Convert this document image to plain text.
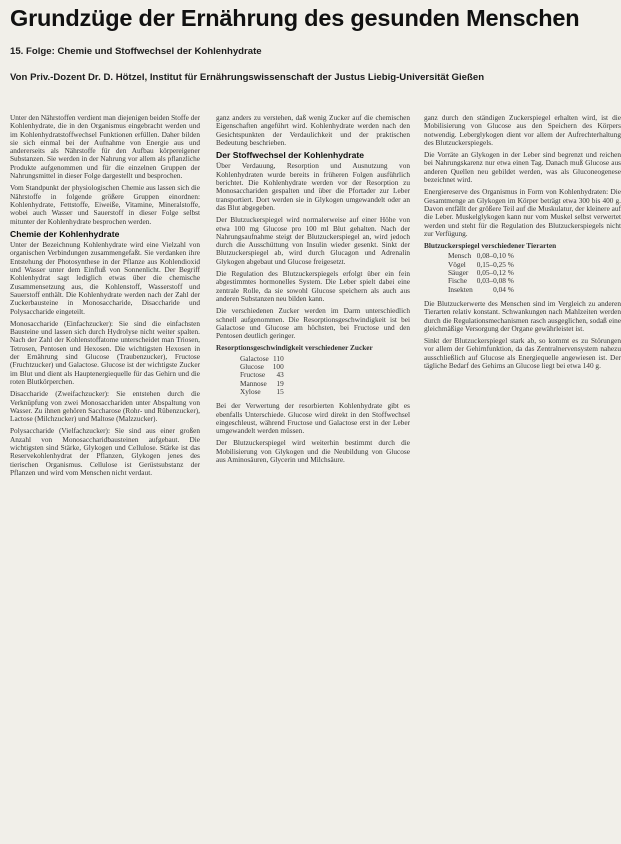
Grundzüge der Ernährung des gesunden Menschen
15. Folge: Chemie und Stoffwechsel der Kohlenhydrate
Von Priv.-Dozent Dr. D. Hötzel, Institut für Ernährungswissenschaft der Justus Liebig-Universität Gießen

Unter den Nährstoffen verdient man diejenigen beiden Stoffe der Kohlenhydrate, die in den Organismus eingebracht werden und im Kohlenhydratstoffwechsel Funktionen erfüllen. Daher bilden sie sich einmal bei der Aufnahme von Energie aus und andererseits als Nährstoffe für den Aufbau körpereigener Substanzen. Sie werden in der Nahrung vor allem als pflanzliche Produkte aufgenommen und für die einzelnen Gruppen der Nahrungsmittel in dieser Folge dargestellt und besprochen.

Vom Standpunkt der physiologischen Chemie aus lassen sich die Nährstoffe in folgende größere Gruppen einordnen: Kohlenhydrate, Fettstoffe, Eiweiße, Vitamine, Mineralstoffe, wobei auch Wasser und Sauerstoff in dieser Folge selbst mitunter der Kohlenhydrate besprochen werden.

Chemie der Kohlenhydrate

Unter der Bezeichnung Kohlenhydrate wird eine Vielzahl von organischen Verbindungen zusammengefaßt. Sie verdanken ihre Entstehung der Photosynthese in der Pflanze aus Kohlendioxid und Wasser unter dem Einfluß von Sonnenlicht. Der Begriff Kohlenhydrat sagt lediglich etwas über die chemische Zusammensetzung aus, die Kohlenstoff, Wasserstoff und Sauerstoff enthält. Die Kohlenhydrate werden nach der Zahl der Zuckerbausteine in Monosaccharide, Disaccharide und Polysaccharide eingeteilt.

Monosaccharide (Einfachzucker): Sie sind die einfachsten Bausteine und lassen sich durch Hydrolyse nicht weiter spalten. Nach der Zahl der Kohlenstoffatome unterscheidet man Triosen, Tetrosen, Pentosen und Hexosen. Die wichtigsten Hexosen in der Ernährung sind Glucose (Traubenzucker), Fructose (Fruchtzucker) und Galactose. Glucose ist der wichtigste Zucker im Blut und dient als Hauptenergiequelle für das Gehirn und die roten Blutkörperchen.

Disaccharide (Zweifachzucker): Sie entstehen durch die Verknüpfung von zwei Monosacchariden unter Abspaltung von Wasser. Zu ihnen gehören Saccharose (Rohr- und Rübenzucker), Lactose (Milchzucker) und Maltose (Malzzucker).

Polysaccharide (Vielfachzucker): Sie sind aus einer großen Anzahl von Monosaccharidbausteinen aufgebaut. Die wichtigsten sind Stärke, Glykogen und Cellulose. Stärke ist das Reservekohlenhydrat der Pflanzen, Glykogen jenes des tierischen Organismus. Cellulose ist Gerüstsubstanz der Pflanzen und wird vom Menschen nicht verdaut.

ganz anders zu verstehen, daß wenig Zucker auf die chemischen Eigenschaften angeführt wird. Kohlenhydrate werden nach den Gesichtspunkten der Verdaulichkeit und der praktischen Bedeutung beschrieben.

Der Stoffwechsel der Kohlenhydrate

Über Verdauung, Resorption und Ausnutzung von Kohlenhydraten wurde bereits in früheren Folgen ausführlich berichtet. Die Kohlenhydrate werden vor der Resorption zu Monosacchariden gespalten und über die Pfortader zur Leber transportiert. Dort werden sie in Glykogen umgewandelt oder an das Blut abgegeben.

Der Blutzuckerspiegel wird normalerweise auf einer Höhe von etwa 100 mg Glucose pro 100 ml Blut gehalten. Nach der Nahrungsaufnahme steigt der Blutzuckerspiegel an, wird jedoch durch die Ausschüttung von Insulin wieder gesenkt. Sinkt der Blutzuckerspiegel ab, wird durch Glucagon und Adrenalin Glykogen abgebaut und Glucose freigesetzt.

Die Regulation des Blutzuckerspiegels erfolgt über ein fein abgestimmtes hormonelles System. Die Leber spielt dabei eine zentrale Rolle, da sie sowohl Glucose speichern als auch aus anderen Substanzen neu bilden kann.

Die verschiedenen Zucker werden im Darm unterschiedlich schnell aufgenommen. Die Resorptionsgeschwindigkeit ist bei Galactose und Glucose am höchsten, bei Fructose und den Pentosen deutlich geringer.

Resorptionsgeschwindigkeit verschiedener Zucker
Galactose	110
Glucose	100
Fructose	43
Mannose	19
Xylose	15

Bei der Verwertung der resorbierten Kohlenhydrate gibt es ebenfalls Unterschiede. Glucose wird direkt in den Stoffwechsel eingeschleust, während Fructose und Galactose erst in der Leber umgewandelt werden müssen.

Der Blutzuckerspiegel wird weiterhin bestimmt durch die Mobilisierung von Glykogen und die Neubildung von Glucose aus Aminosäuren, Glycerin und Milchsäure.

ganz durch den ständigen Zuckerspiegel erhalten wird, ist die Mobilisierung von Glucose aus den Speichern des Körpers notwendig. Leberglykogen dient vor allem der Aufrechterhaltung des Blutzuckerspiegels.

Die Vorräte an Glykogen in der Leber sind begrenzt und reichen bei Nahrungskarenz nur etwa einen Tag. Danach muß Glucose aus anderen Quellen neu gebildet werden, was als Gluconeogenese bezeichnet wird.

Energiereserve des Organismus in Form von Kohlenhydraten: Die Gesamtmenge an Glykogen im Körper beträgt etwa 300 bis 400 g. Davon entfällt der größere Teil auf die Muskulatur, der kleinere auf die Leber. Muskelglykogen kann nur vom Muskel selbst verwertet werden und steht für die Regulation des Blutzuckerspiegels nicht zur Verfügung.

Blutzuckerspiegel verschiedener Tierarten
Mensch	0,08–0,10 %
Vögel	0,15–0,25 %
Säuger	0,05–0,12 %
Fische	0,03–0,08 %
Insekten	0,04 %

Die Blutzuckerwerte des Menschen sind im Vergleich zu anderen Tierarten relativ konstant. Schwankungen nach Mahlzeiten werden durch die Regulationsmechanismen rasch ausgeglichen, sodaß eine gleichmäßige Versorgung der Organe gewährleistet ist.

Sinkt der Blutzuckerspiegel stark ab, so kommt es zu Störungen vor allem der Gehirnfunktion, da das Zentralnervensystem nahezu ausschließlich auf Glucose als Energiequelle angewiesen ist. Der tägliche Bedarf des Gehirns an Glucose liegt bei etwa 140 g.
